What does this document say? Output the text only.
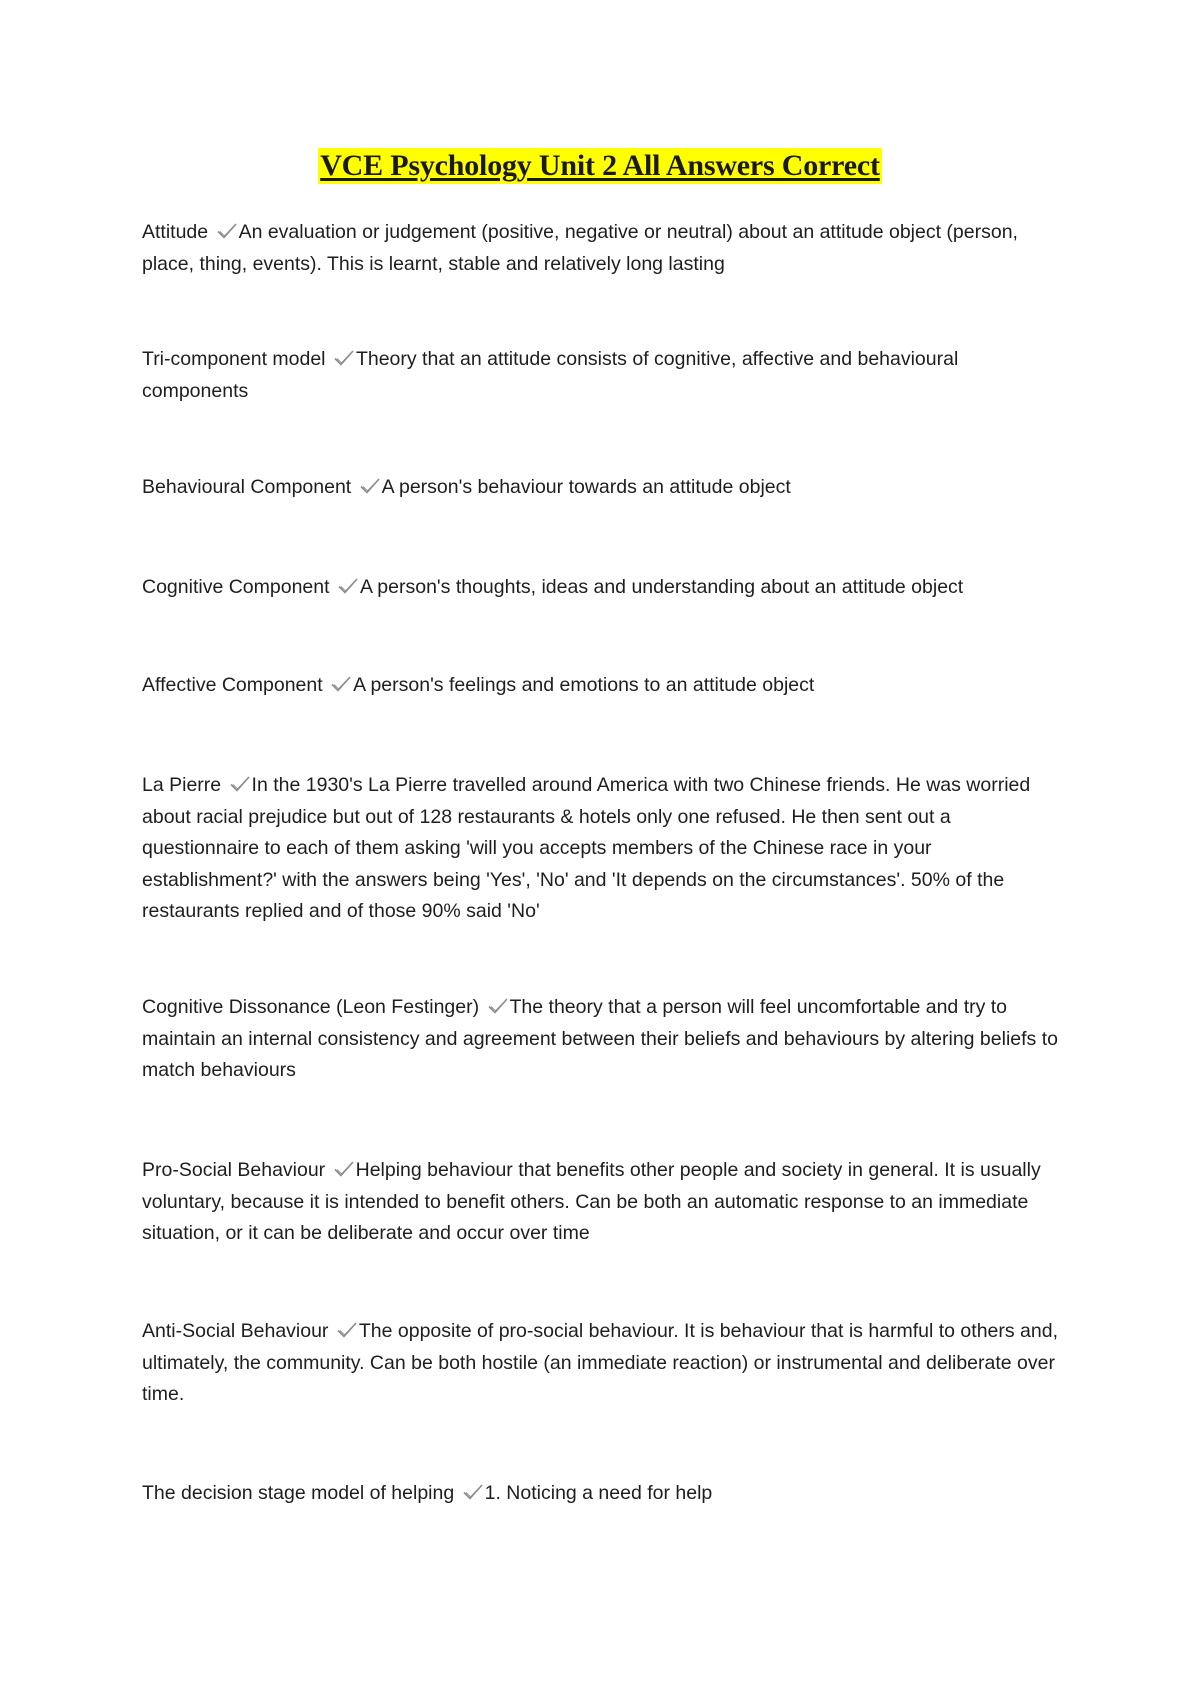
VCE Psychology Unit 2 All Answers Correct

Attitude An evaluation or judgement (positive, negative or neutral) about an attitude object (person, place, thing, events). This is learnt, stable and relatively long lasting

Tri-component model Theory that an attitude consists of cognitive, affective and behavioural components

Behavioural Component A person's behaviour towards an attitude object

Cognitive Component A person's thoughts, ideas and understanding about an attitude object

Affective Component A person's feelings and emotions to an attitude object

La Pierre In the 1930's La Pierre travelled around America with two Chinese friends. He was worried about racial prejudice but out of 128 restaurants & hotels only one refused. He then sent out a questionnaire to each of them asking 'will you accepts members of the Chinese race in your establishment?' with the answers being 'Yes', 'No' and 'It depends on the circumstances'. 50% of the restaurants replied and of those 90% said 'No'

Cognitive Dissonance (Leon Festinger) The theory that a person will feel uncomfortable and try to maintain an internal consistency and agreement between their beliefs and behaviours by altering beliefs to match behaviours

Pro-Social Behaviour Helping behaviour that benefits other people and society in general. It is usually voluntary, because it is intended to benefit others. Can be both an automatic response to an immediate situation, or it can be deliberate and occur over time

Anti-Social Behaviour The opposite of pro-social behaviour. It is behaviour that is harmful to others and, ultimately, the community. Can be both hostile (an immediate reaction) or instrumental and deliberate over time.

The decision stage model of helping 1. Noticing a need for help
